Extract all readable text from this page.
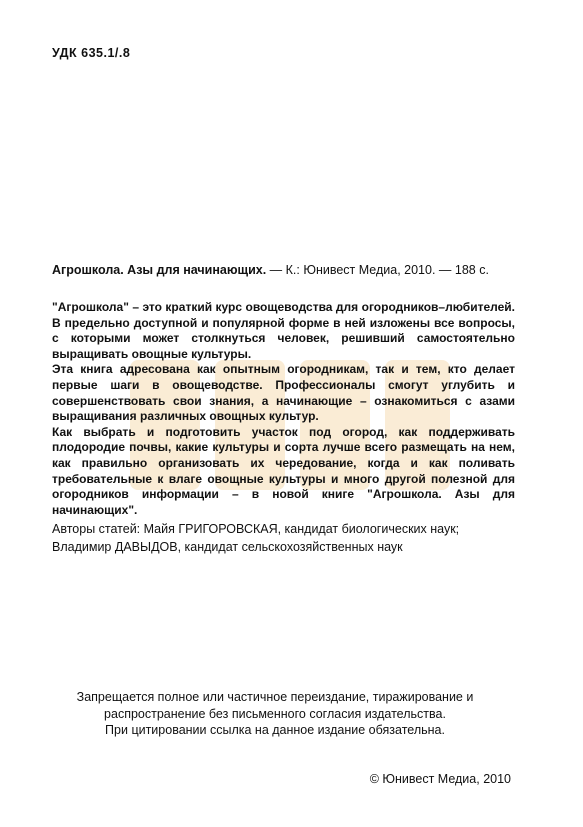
УДК 635.1/.8
Агрошкола. Азы для начинающих. — К.: Юнивест Медиа, 2010. — 188 с.

"Агрошкола" – это краткий курс овощеводства для огородников–любителей. В предельно доступной и популярной форме в ней изложены все вопросы, с которыми может столкнуться человек, решивший самостоятельно выращивать овощные культуры.

Эта книга адресована как опытным огородникам, так и тем, кто делает первые шаги в овощеводстве. Профессионалы смогут углубить и совершенствовать свои знания, а начинающие – ознакомиться с азами выращивания различных овощных культур.

Как выбрать и подготовить участок под огород, как поддерживать плодородие почвы, какие культуры и сорта лучше всего размещать на нем, как правильно организовать их чередование, когда и как поливать требовательные к влаге овощные культуры и много другой полезной для огородников информации – в новой книге "Агрошкола. Азы для начинающих".

Авторы статей: Майя ГРИГОРОВСКАЯ, кандидат биологических наук;

Владимир ДАВЫДОВ, кандидат сельскохозяйственных наук

Запрещается полное или частичное переиздание, тиражирование и

распространение без письменного согласия издательства.

При цитировании ссылка на данное издание обязательна.

© Юнивест Медиа, 2010
